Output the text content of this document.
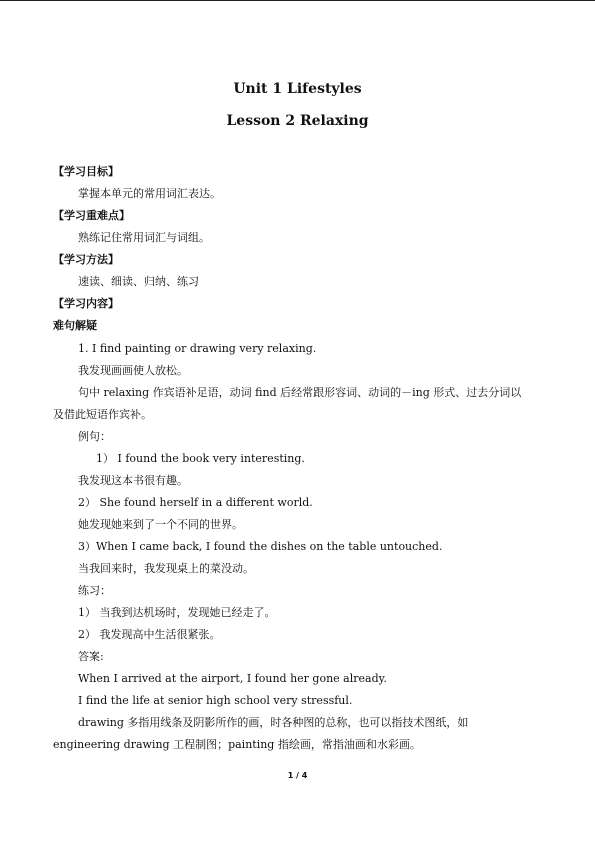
Unit 1 Lifestyles
Lesson 2 Relaxing
【学习目标】
掌握本单元的常用词汇表达。
【学习重难点】
熟练记住常用词汇与词组。
【学习方法】
速读、细读、归纳、练习
【学习内容】
难句解疑
1. I find painting or drawing very relaxing.
我发现画画使人放松。
句中 relaxing 作宾语补足语，动词 find 后经常跟形容词、动词的－ing 形式、过去分词以
及借此短语作宾补。
例句：
1） I found the book very interesting.
我发现这本书很有趣。
2） She found herself in a different world.
她发现她来到了一个不同的世界。
3）When I came back, I found the dishes on the table untouched.
当我回来时，我发现桌上的菜没动。
练习：
1） 当我到达机场时，发现她已经走了。
2） 我发现高中生活很紧张。
答案:
When I arrived at the airport, I found her gone already.
I find the life at senior high school very stressful.
drawing 多指用线条及阴影所作的画，时各种图的总称，也可以指技术图纸，如
engineering drawing 工程制图；painting 指绘画，常指油画和水彩画。
1 / 4
